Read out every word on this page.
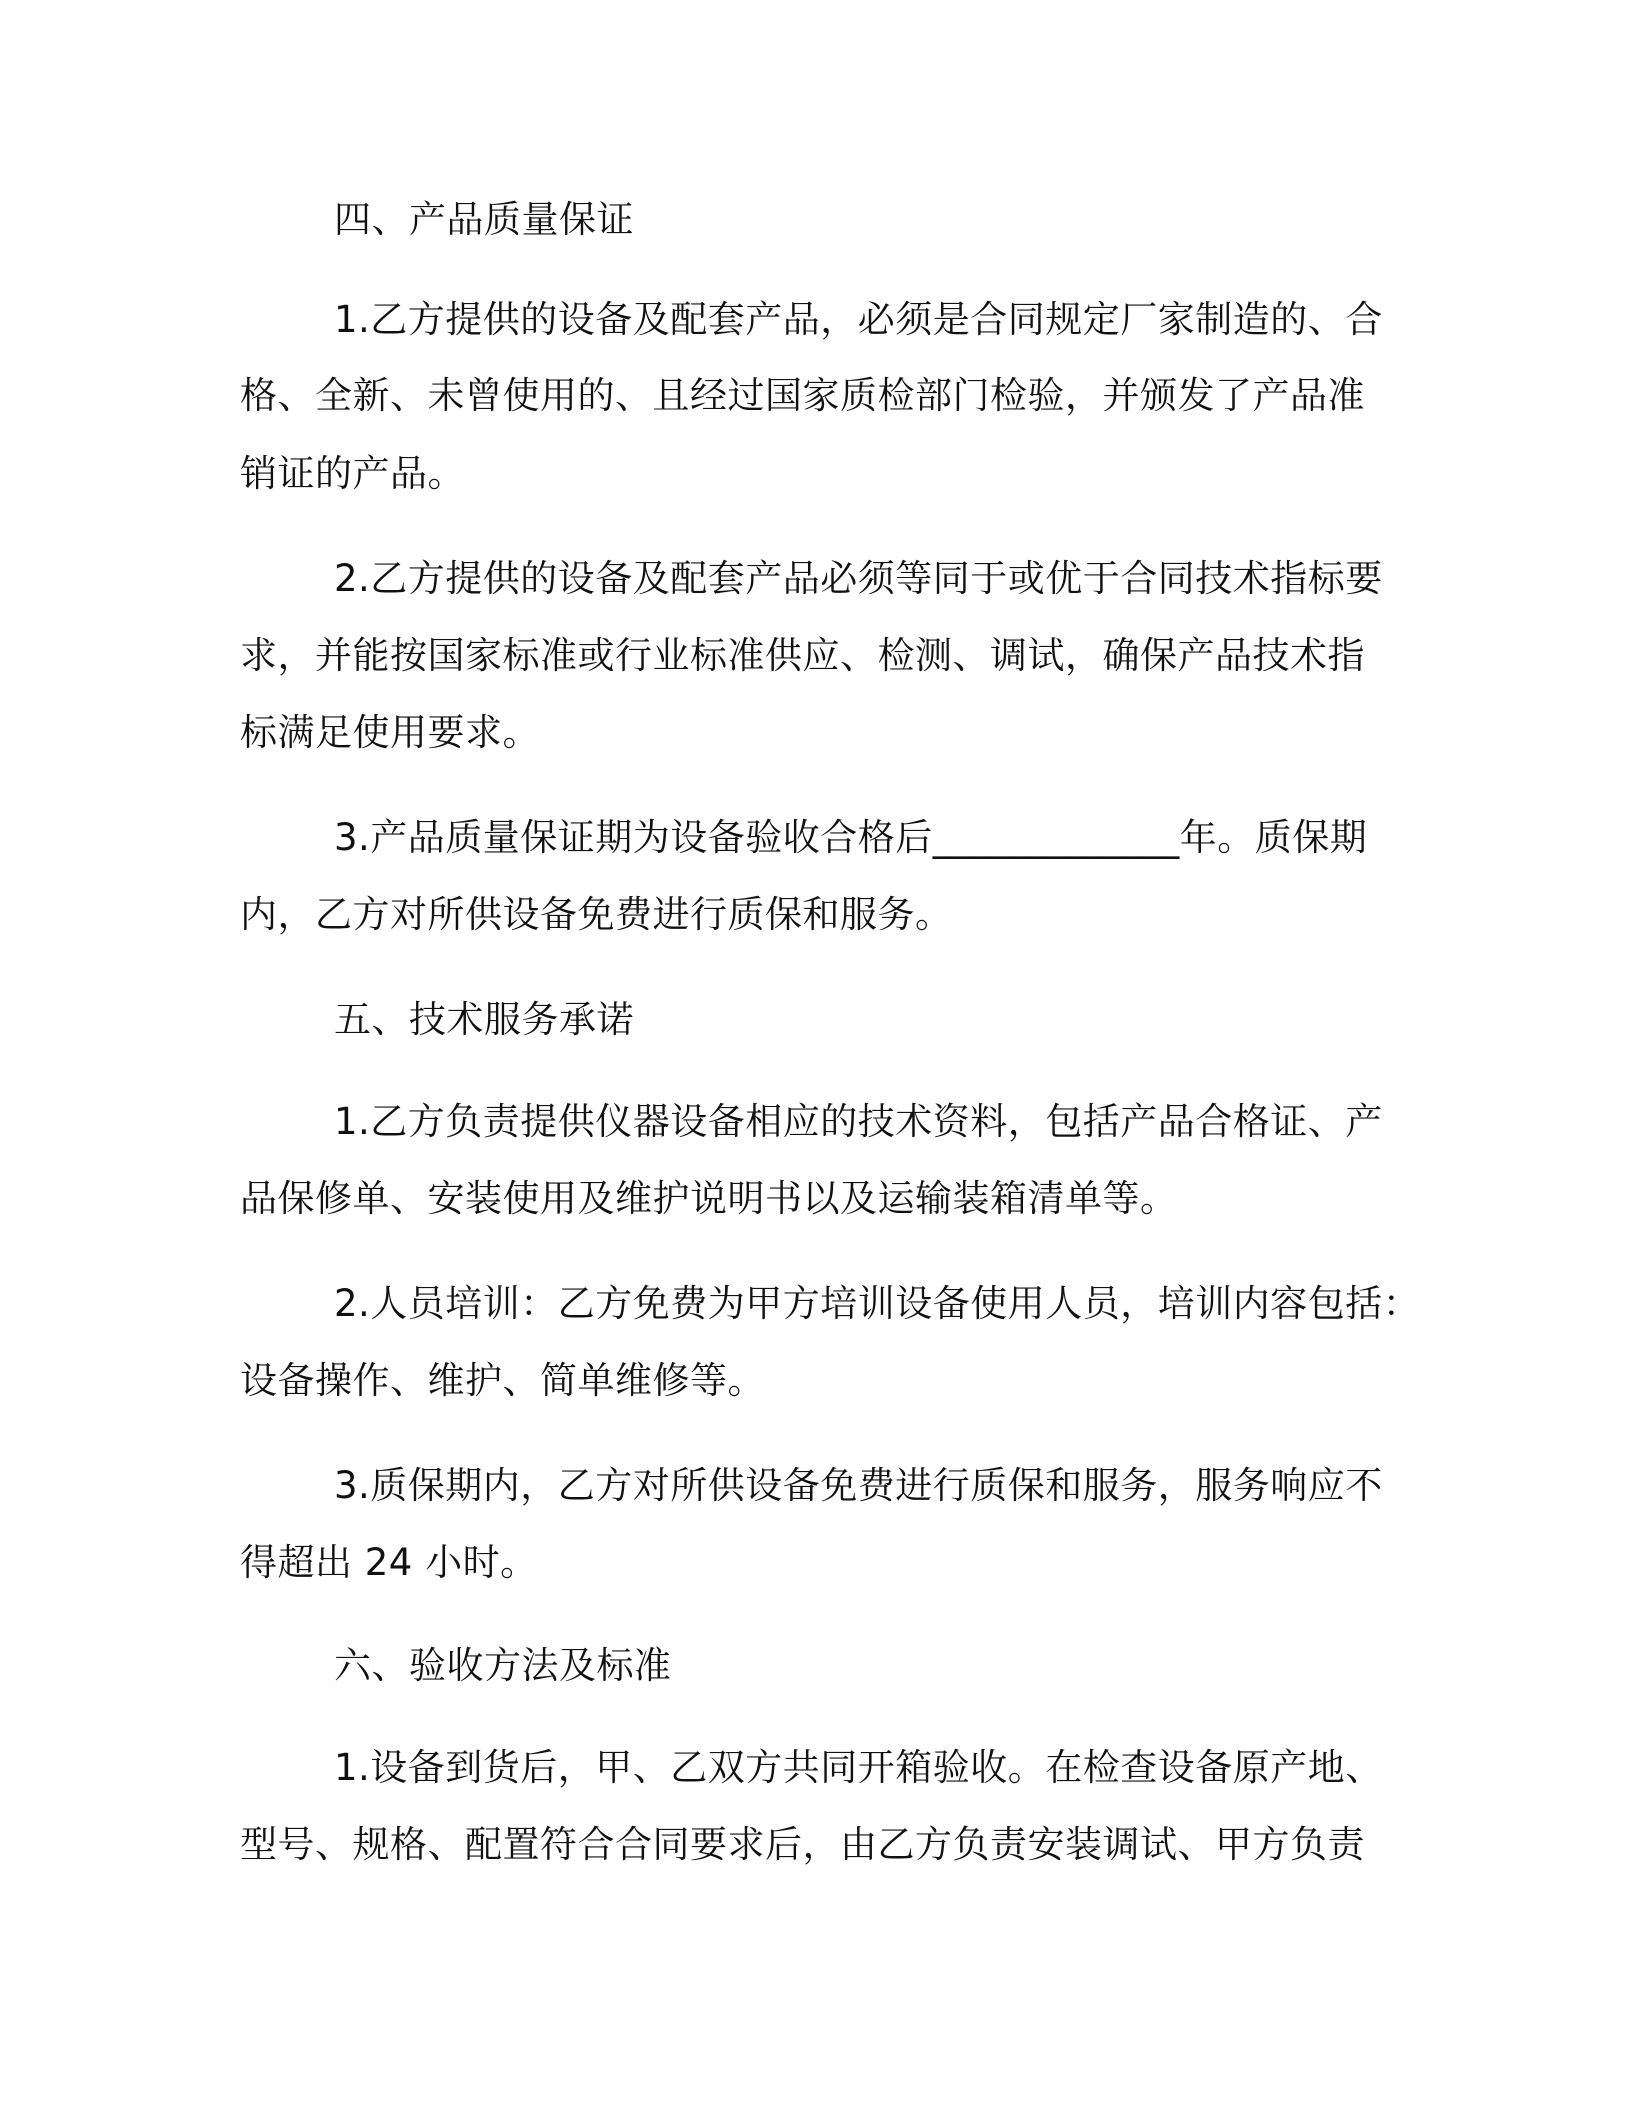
四、产品质量保证
1.乙方提供的设备及配套产品，必须是合同规定厂家制造的、合
格、全新、未曾使用的、且经过国家质检部门检验，并颁发了产品准
销证的产品。
2.乙方提供的设备及配套产品必须等同于或优于合同技术指标要
求，并能按国家标准或行业标准供应、检测、调试，确保产品技术指
标满足使用要求。
3.产品质量保证期为设备验收合格后_____________年。质保期
内，乙方对所供设备免费进行质保和服务。
五、技术服务承诺
1.乙方负责提供仪器设备相应的技术资料，包括产品合格证、产
品保修单、安装使用及维护说明书以及运输装箱清单等。
2.人员培训：乙方免费为甲方培训设备使用人员，培训内容包括：
设备操作、维护、简单维修等。
3.质保期内，乙方对所供设备免费进行质保和服务，服务响应不
得超出 24 小时。
六、验收方法及标准
1.设备到货后，甲、乙双方共同开箱验收。在检查设备原产地、
型号、规格、配置符合合同要求后，由乙方负责安装调试、甲方负责
